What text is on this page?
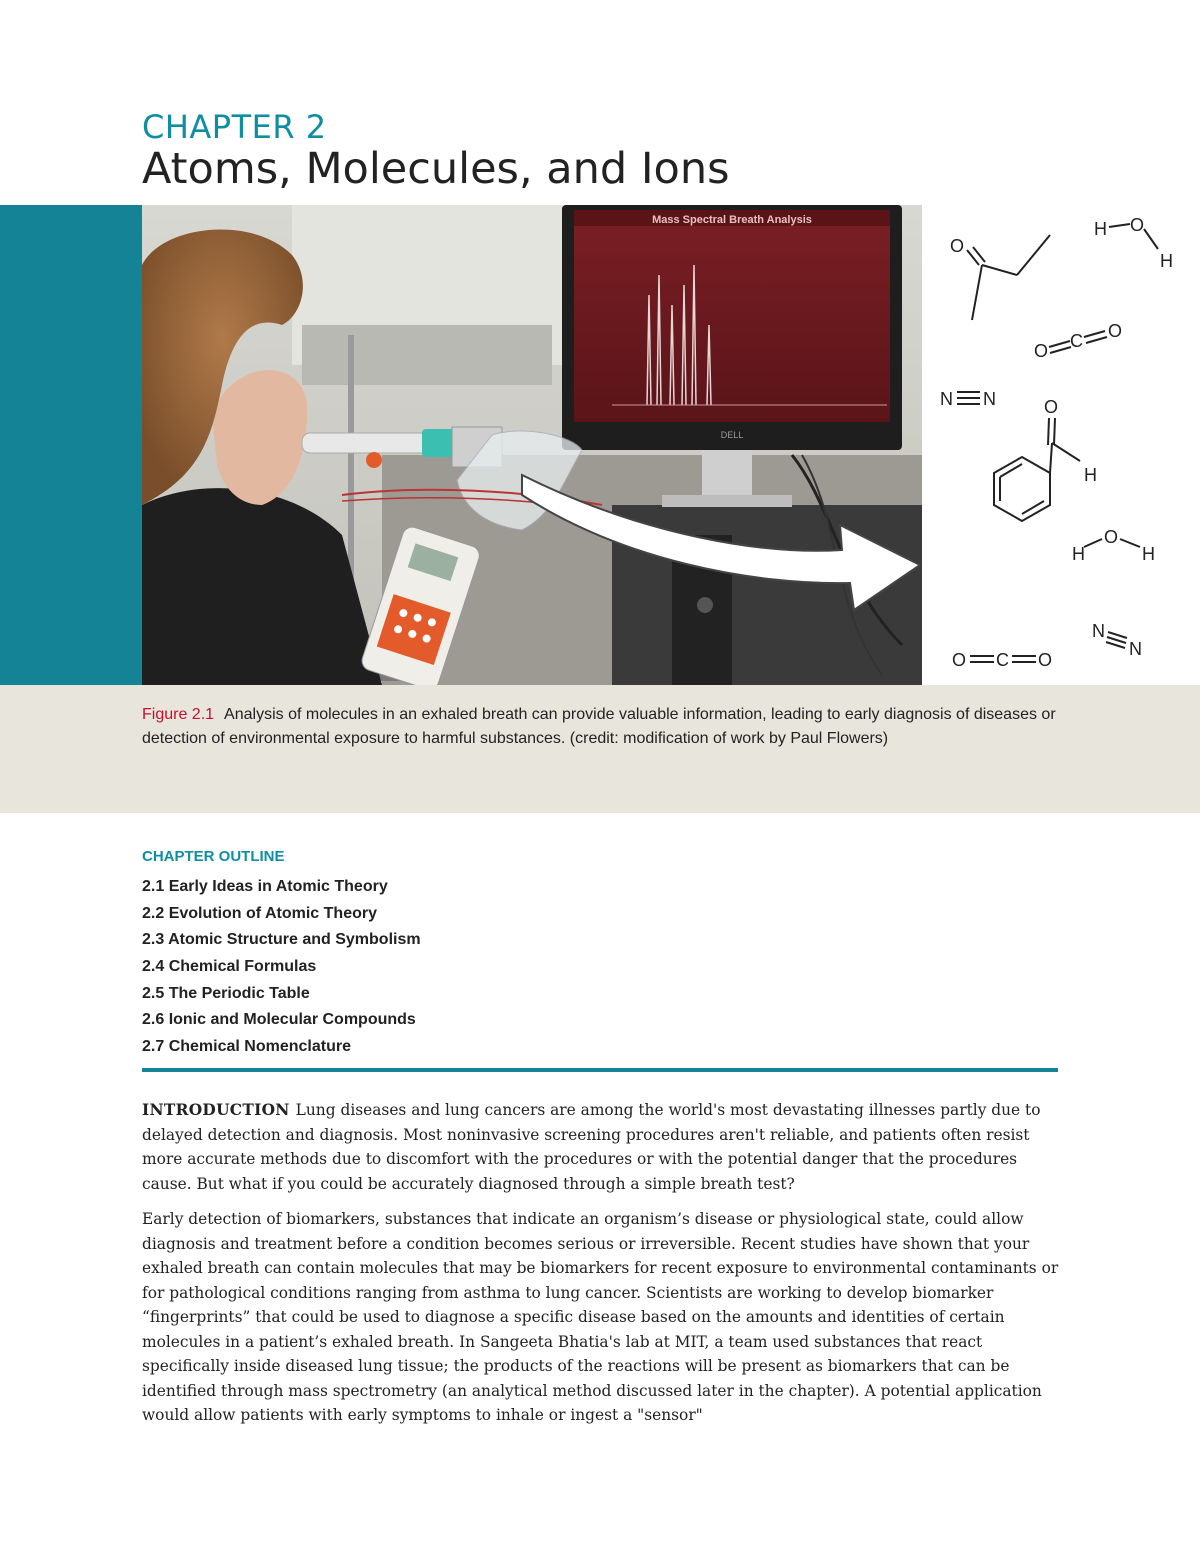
CHAPTER 2
Atoms, Molecules, and Ions
Mass Spectral Breath Analysis
DELL
O
H O
H
O C O
N N	O
H
H
O
H
N
N
O C O
Figure 2.1 Analysis of molecules in an exhaled breath can provide valuable information, leading to early diagnosis of diseases or detection of environmental exposure to harmful substances. (credit: modification of work by Paul Flowers)
CHAPTER OUTLINE
2.1 Early Ideas in Atomic Theory
2.2 Evolution of Atomic Theory
2.3 Atomic Structure and Symbolism
2.4 Chemical Formulas
2.5 The Periodic Table
2.6 Ionic and Molecular Compounds
2.7 Chemical Nomenclature

INTRODUCTION Lung diseases and lung cancers are among the world's most devastating illnesses partly due to delayed detection and diagnosis. Most noninvasive screening procedures aren't reliable, and patients often resist more accurate methods due to discomfort with the procedures or with the potential danger that the procedures cause. But what if you could be accurately diagnosed through a simple breath test?

Early detection of biomarkers, substances that indicate an organism’s disease or physiological state, could allow diagnosis and treatment before a condition becomes serious or irreversible. Recent studies have shown that your exhaled breath can contain molecules that may be biomarkers for recent exposure to environmental contaminants or for pathological conditions ranging from asthma to lung cancer. Scientists are working to develop biomarker “fingerprints” that could be used to diagnose a specific disease based on the amounts and identities of certain molecules in a patient’s exhaled breath. In Sangeeta Bhatia's lab at MIT, a team used substances that react specifically inside diseased lung tissue; the products of the reactions will be present as biomarkers that can be identified through mass spectrometry (an analytical method discussed later in the chapter). A potential application would allow patients with early symptoms to inhale or ingest a "sensor"
